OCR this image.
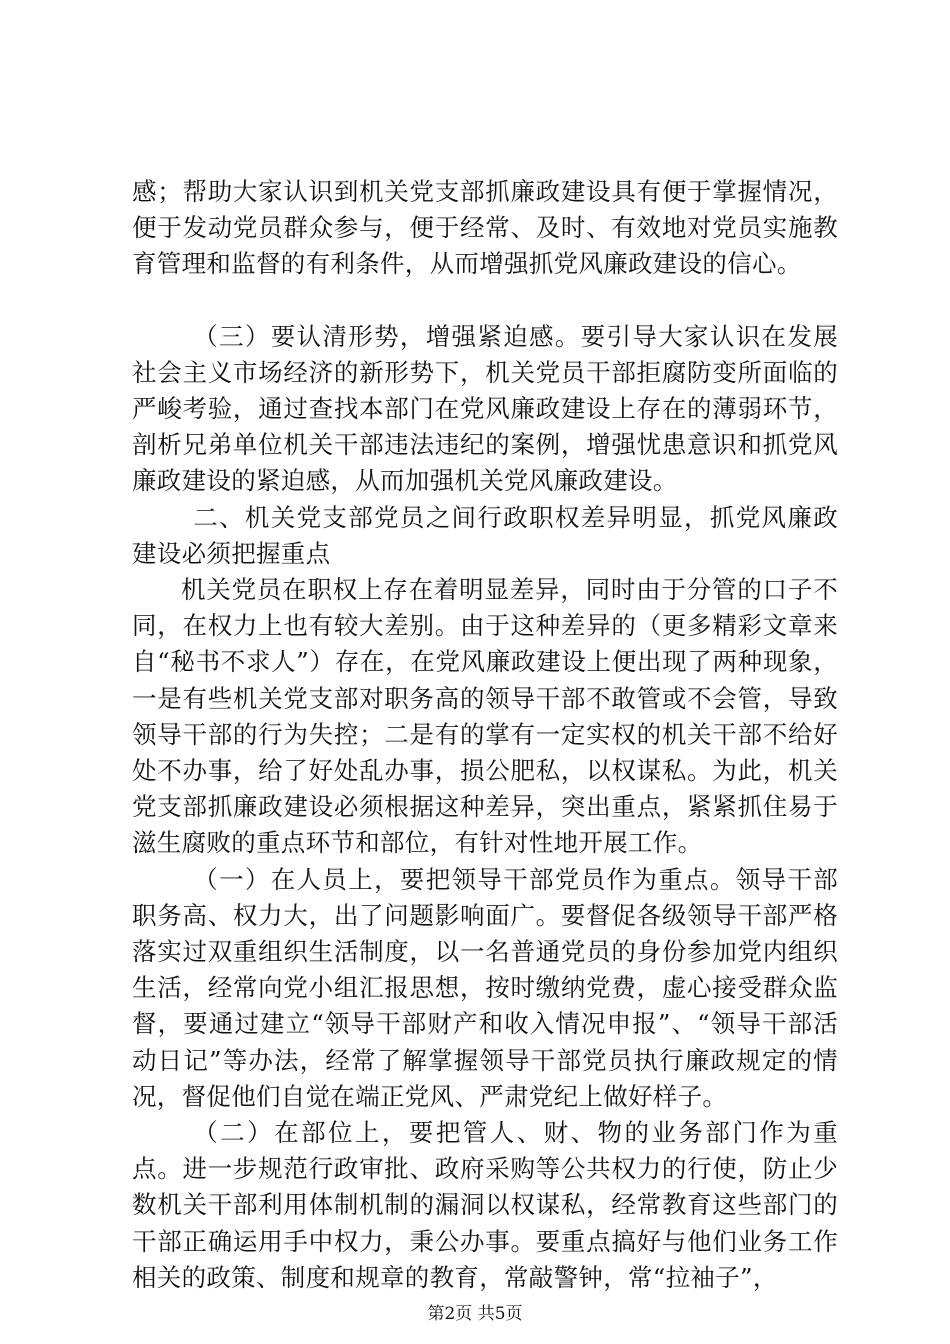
感；帮助大家认识到机关党支部抓廉政建设具有便于掌握情况，便于发动党员群众参与，便于经常、及时、有效地对党员实施教育管理和监督的有利条件，从而增强抓党风廉政建设的信心。

（三）要认清形势，增强紧迫感。要引导大家认识在发展社会主义市场经济的新形势下，机关党员干部拒腐防变所面临的严峻考验，通过查找本部门在党风廉政建设上存在的薄弱环节，剖析兄弟单位机关干部违法违纪的案例，增强忧患意识和抓党风廉政建设的紧迫感，从而加强机关党风廉政建设。

二、机关党支部党员之间行政职权差异明显，抓党风廉政建设必须把握重点

机关党员在职权上存在着明显差异，同时由于分管的口子不同，在权力上也有较大差别。由于这种差异的（更多精彩文章来自“秘书不求人”）存在，在党风廉政建设上便出现了两种现象，一是有些机关党支部对职务高的领导干部不敢管或不会管，导致领导干部的行为失控；二是有的掌有一定实权的机关干部不给好处不办事，给了好处乱办事，损公肥私，以权谋私。为此，机关党支部抓廉政建设必须根据这种差异，突出重点，紧紧抓住易于滋生腐败的重点环节和部位，有针对性地开展工作。

（一）在人员上，要把领导干部党员作为重点。领导干部职务高、权力大，出了问题影响面广。要督促各级领导干部严格落实过双重组织生活制度，以一名普通党员的身份参加党内组织生活，经常向党小组汇报思想，按时缴纳党费，虚心接受群众监督，要通过建立“领导干部财产和收入情况申报”、“领导干部活动日记”等办法，经常了解掌握领导干部党员执行廉政规定的情况，督促他们自觉在端正党风、严肃党纪上做好样子。

（二）在部位上，要把管人、财、物的业务部门作为重点。进一步规范行政审批、政府采购等公共权力的行使，防止少数机关干部利用体制机制的漏洞以权谋私，经常教育这些部门的干部正确运用手中权力，秉公办事。要重点搞好与他们业务工作相关的政策、制度和规章的教育，常敲警钟，常“拉袖子”，

第2页 共5页
